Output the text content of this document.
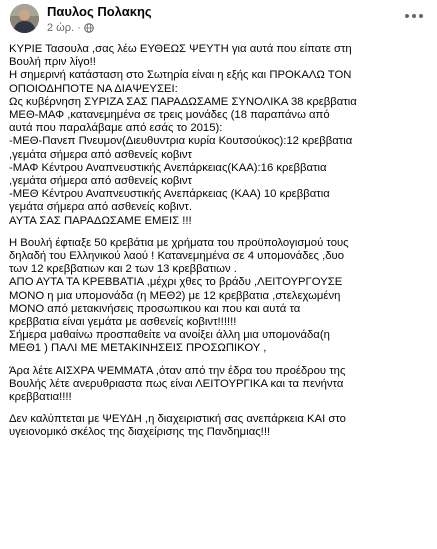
Παυλος Πολακης
2 ώρ. ·

ΚΥΡΙΕ Τασουλα ,σας λέω ΕΥΘΕΩΣ ΨΕΥΤΗ για αυτά που είπατε στη
Βουλή πριν λίγο!!
Η σημερινή κατάσταση στο Σωτηρία είναι η εξής και ΠΡΟΚΑΛΩ ΤΟΝ
ΟΠΟΙΟΔΗΠΟΤΕ ΝΑ ΔΙΑΨΕΥΣΕΙ:
Ως κυβέρνηση ΣΥΡΙΖΑ ΣΑΣ ΠΑΡΑΔΩΣΑΜΕ ΣΥΝΟΛΙΚΑ 38 κρεββατια
ΜΕΘ-ΜΑΦ ,κατανεμημένα σε τρεις μονάδες (18 παραπάνω από
αυτά που παραλάβαμε από εσάς το 2015):
-ΜΕΘ-Πανεπ Πνευμον(Διευθυντρια κυρία Κουτσούκος):12 κρεββατια
,γεμάτα σήμερα από ασθενείς κοβιντ
-ΜΑΦ Κέντρου Αναπνευστικής Ανεπάρκειας(ΚΑΑ):16 κρεββατια
,γεμάτα σήμερα από ασθενείς κοβιντ
-ΜΕΘ Κέντρου Αναπνευστικής Ανεπάρκειας (ΚΑΑ) 10 κρεββατια
γεμάτα σήμερα από ασθενείς κοβιντ.
ΑΥΤΑ ΣΑΣ ΠΑΡΑΔΩΣΑΜΕ ΕΜΕΙΣ !!!

Η Βουλή έφτιαξε 50 κρεβάτια με χρήματα του πρoϋπολογισμού τους
δηλαδή του Ελληνικού λαού ! Κατανεμημένα σε 4 υπομονάδες ,δυο
των 12 κρεββατιων και 2 των 13 κρεββατιων .
ΑΠΟ ΑΥΤΑ ΤΑ ΚΡΕΒΒΑΤΙΑ ,μέχρι χθες το βράδυ ,ΛΕΙΤΟΥΡΓΟΥΣΕ
ΜΟΝΟ η μια υπομονάδα (η ΜΕΘ2) με 12 κρεββατια ,στελεχωμένη
ΜΟΝΟ από μετακινήσεις προσωπικου και που και αυτά τα
κρεββατια είναι γεμάτα με ασθενείς κοβιντ!!!!!!
Σήμερα μαθαίνω προσπαθείτε να ανοίξει άλλη μια υπομονάδα(η
ΜΕΘ1 ) ΠΑΛΙ ΜΕ ΜΕΤΑΚΙΝΗΣΕΙΣ ΠΡΟΣΩΠΙΚΟΥ ,

Άρα λέτε ΑΙΣΧΡΑ ΨΕΜΜΑΤΑ ,όταν από την έδρα του προέδρου της
Βουλής λέτε ανερυθριαστα πως είναι ΛΕΙΤΟΥΡΓΙΚΑ και τα πενήντα
κρεββατια!!!!

Δεν καλύπτεται με ΨΕΥΔΗ ,η διαχειριστική σας ανεπάρκεια ΚΑΙ στο
υγειονομικό σκέλος της διαχείρισης της Πανδημιας!!!
